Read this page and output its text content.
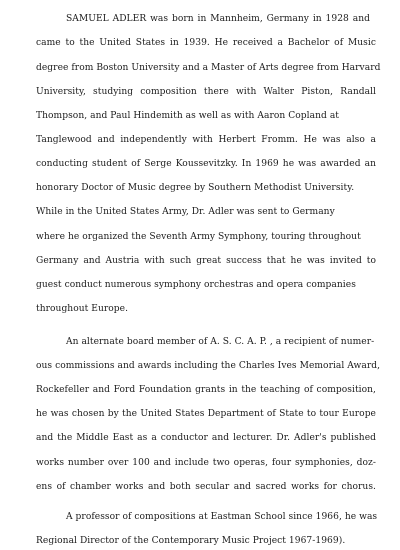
SAMUEL ADLER was born in Mannheim, Germany in 1928 and
came to the United States in 1939. He received a Bachelor of Music
degree from Boston University and a Master of Arts degree from Harvard
University, studying composition there with Walter Piston, Randall
Thompson, and Paul Hindemith as well as with Aaron Copland at
Tanglewood and independently with Herbert Fromm. He was also a
conducting student of Serge Koussevitzky. In 1969 he was awarded an
honorary Doctor of Music degree by Southern Methodist University.
While in the United States Army, Dr. Adler was sent to Germany
where he organized the Seventh Army Symphony, touring throughout
Germany and Austria with such great success that he was invited to
guest conduct numerous symphony orchestras and opera companies
throughout Europe.
An alternate board member of A. S. C. A. P. , a recipient of numer-
ous commissions and awards including the Charles Ives Memorial Award,
Rockefeller and Ford Foundation grants in the teaching of composition,
he was chosen by the United States Department of State to tour Europe
and the Middle East as a conductor and lecturer. Dr. Adler's published
works number over 100 and include two operas, four symphonies, doz-
ens of chamber works and both secular and sacred works for chorus.
A professor of compositions at Eastman School since 1966, he was
Regional Director of the Contemporary Music Project 1967-1969).
